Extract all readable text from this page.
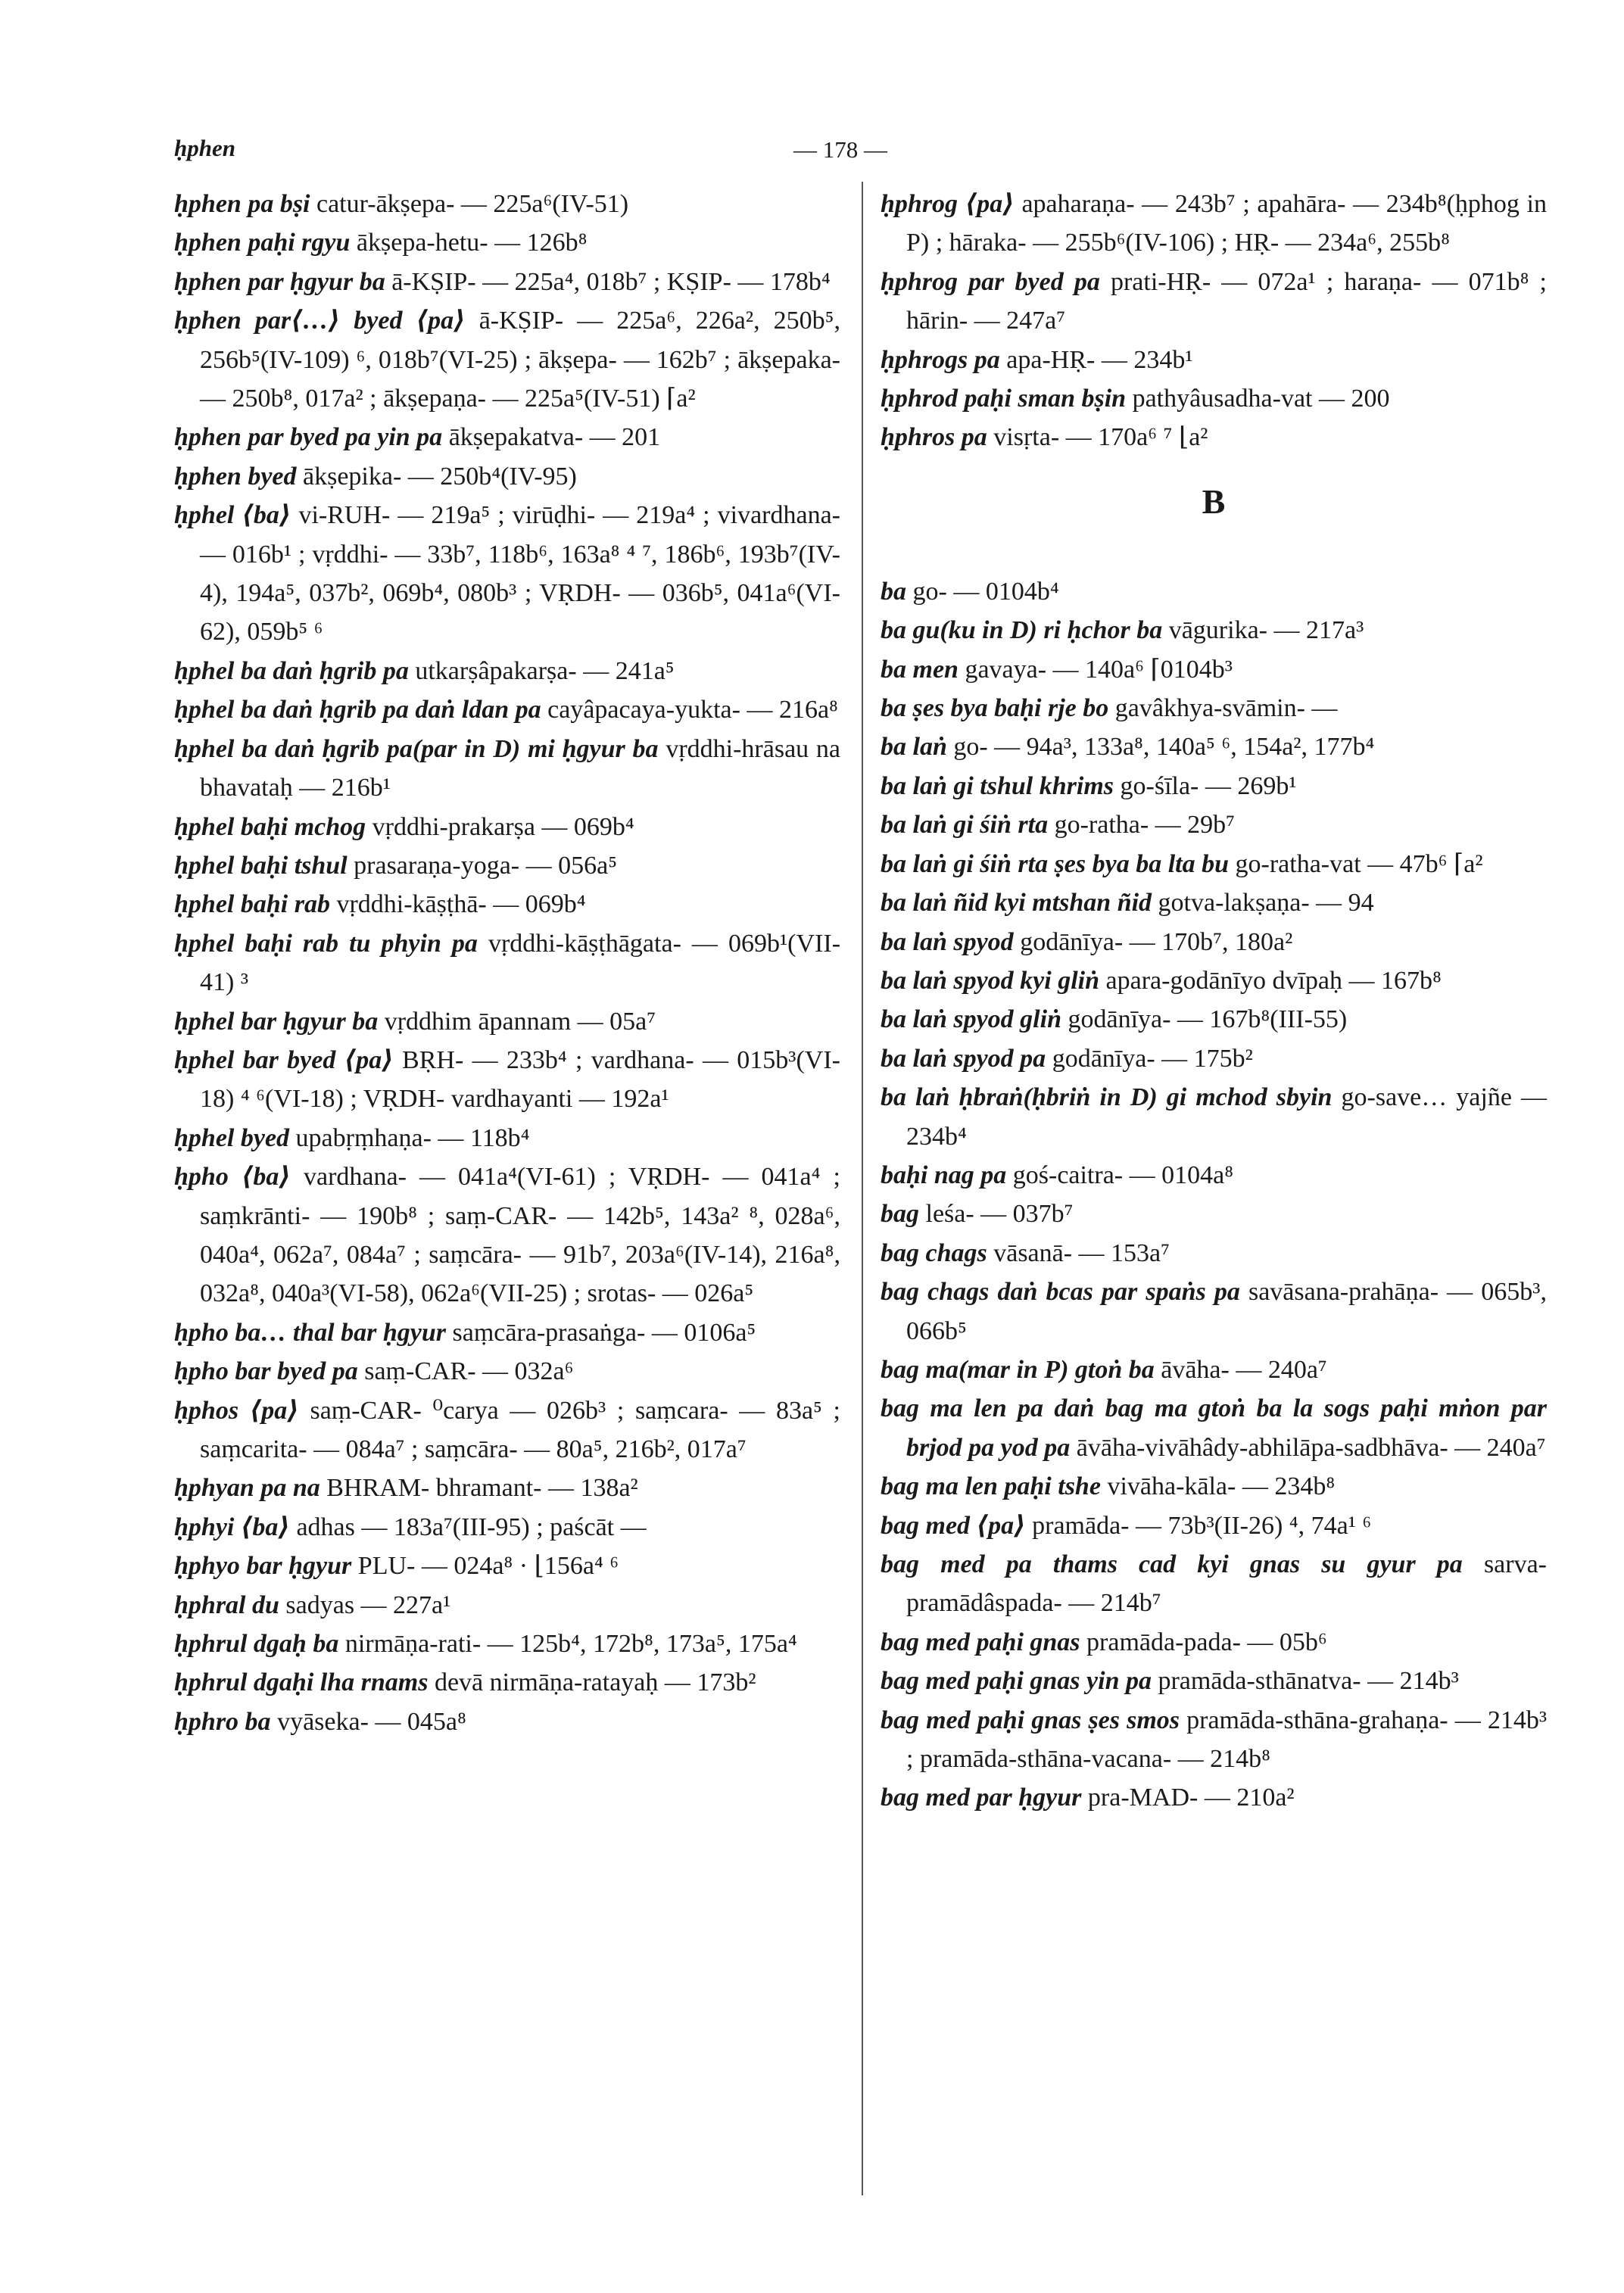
ḥphen	— 178 —
ḥphen pa bṣi catur-ākṣepa- — 225a⁶(IV-51)
ḥphen paḥi rgyu ākṣepa-hetu- — 126b⁸
ḥphen par ḥgyur ba ā-KṢIP- — 225a⁴, 018b⁷ ; KṢIP- — 178b⁴
ḥphen par⟨…⟩ byed ⟨pa⟩ ā-KṢIP- — 225a⁶, 226a², 250b⁵, 256b⁵(IV-109) ⁶, 018b⁷(VI-25) ; ākṣepa- — 162b⁷ ; ākṣepaka- — 250b⁸, 017a² ; ākṣepaṇa- — 225a⁵(IV-51) ⌈a²
ḥphen par byed pa yin pa ākṣepakatva- — 201
ḥphen byed ākṣepika- — 250b⁴(IV-95)
ḥphel ⟨ba⟩ vi-RUH- — 219a⁵ ; virūḍhi- — 219a⁴ ; vivardhana- — 016b¹ ; vṛddhi- — 33b⁷, 118b⁶, 163a⁸ ⁴ ⁷, 186b⁶, 193b⁷(IV-4), 194a⁵, 037b², 069b⁴, 080b³ ; VṚDH- — 036b⁵, 041a⁶(VI-62), 059b⁵ ⁶
ḥphel ba daṅ ḥgrib pa utkarṣâpakarṣa- — 241a⁵
ḥphel ba daṅ ḥgrib pa daṅ ldan pa cayâpacaya-yukta- — 216a⁸
ḥphel ba daṅ ḥgrib pa(par in D) mi ḥgyur ba vṛddhi-hrāsau na bhavataḥ — 216b¹
ḥphel baḥi mchog vṛddhi-prakarṣa — 069b⁴
ḥphel baḥi tshul prasaraṇa-yoga- — 056a⁵
ḥphel baḥi rab vṛddhi-kāṣṭhā- — 069b⁴
ḥphel baḥi rab tu phyin pa vṛddhi-kāṣṭhāgata- — 069b¹(VII-41) ³
ḥphel bar ḥgyur ba vṛddhim āpannam — 05a⁷
ḥphel bar byed ⟨pa⟩ BṚH- — 233b⁴ ; vardhana- — 015b³(VI-18) ⁴ ⁶(VI-18) ; VṚDH- vardhayanti — 192a¹
ḥphel byed upabṛṃhaṇa- — 118b⁴
ḥpho ⟨ba⟩ vardhana- — 041a⁴(VI-61) ; VṚDH- — 041a⁴ ; saṃkrānti- — 190b⁸ ; saṃ-CAR- — 142b⁵, 143a² ⁸, 028a⁶, 040a⁴, 062a⁷, 084a⁷ ; saṃcāra- — 91b⁷, 203a⁶(IV-14), 216a⁸, 032a⁸, 040a³(VI-58), 062a⁶(VII-25) ; srotas- — 026a⁵
ḥpho ba… thal bar ḥgyur saṃcāra-prasaṅga- — 0106a⁵
ḥpho bar byed pa saṃ-CAR- — 032a⁶
ḥphos ⟨pa⟩ saṃ-CAR- ⁰carya — 026b³ ; saṃcara- — 83a⁵ ; saṃcarita- — 084a⁷ ; saṃcāra- — 80a⁵, 216b², 017a⁷
ḥphyan pa na BHRAM- bhramant- — 138a²
ḥphyi ⟨ba⟩ adhas — 183a⁷(III-95) ; paścāt —
ḥphyo bar ḥgyur PLU- — 024a⁸ · ⌊156a⁴ ⁶
ḥphral du sadyas — 227a¹
ḥphrul dgaḥ ba nirmāṇa-rati- — 125b⁴, 172b⁸, 173a⁵, 175a⁴
ḥphrul dgaḥi lha rnams devā nirmāṇa-ratayaḥ — 173b²
ḥphro ba vyāseka- — 045a⁸
ḥphrog ⟨pa⟩ apaharaṇa- — 243b⁷ ; apahāra- — 234b⁸(ḥphog in P) ; hāraka- — 255b⁶(IV-106) ; HṚ- — 234a⁶, 255b⁸
ḥphrog par byed pa prati-HṚ- — 072a¹ ; haraṇa- — 071b⁸ ; hārin- — 247a⁷
ḥphrogs pa apa-HṚ- — 234b¹
ḥphrod paḥi sman bṣin pathyâusadha-vat — 200
ḥphros pa visṛta- — 170a⁶ ⁷ ⌊a²
B
ba go- — 0104b⁴
ba gu(ku in D) ri ḥchor ba vāgurika- — 217a³
ba men gavaya- — 140a⁶ ⌈0104b³
ba ṣes bya baḥi rje bo gavâkhya-svāmin- —
ba laṅ go- — 94a³, 133a⁸, 140a⁵ ⁶, 154a², 177b⁴
ba laṅ gi tshul khrims go-śīla- — 269b¹
ba laṅ gi śiṅ rta go-ratha- — 29b⁷
ba laṅ gi śiṅ rta ṣes bya ba lta bu go-ratha-vat — 47b⁶ ⌈a²
ba laṅ ñid kyi mtshan ñid gotva-lakṣaṇa- — 94
ba laṅ spyod godānīya- — 170b⁷, 180a²
ba laṅ spyod kyi gliṅ apara-godānīyo dvīpaḥ — 167b⁸
ba laṅ spyod gliṅ godānīya- — 167b⁸(III-55)
ba laṅ spyod pa godānīya- — 175b²
ba laṅ ḥbraṅ(ḥbriṅ in D) gi mchod sbyin go-save… yajñe — 234b⁴
baḥi nag pa goś-caitra- — 0104a⁸
bag leśa- — 037b⁷
bag chags vāsanā- — 153a⁷
bag chags daṅ bcas par spaṅs pa savāsana-prahāṇa- — 065b³, 066b⁵
bag ma(mar in P) gtoṅ ba āvāha- — 240a⁷
bag ma len pa daṅ bag ma gtoṅ ba la sogs paḥi mṅon par brjod pa yod pa āvāha-vivāhâdy-abhilāpa-sadbhāva- — 240a⁷
bag ma len paḥi tshe vivāha-kāla- — 234b⁸
bag med ⟨pa⟩ pramāda- — 73b³(II-26) ⁴, 74a¹ ⁶
bag med pa thams cad kyi gnas su gyur pa sarva-pramādâspada- — 214b⁷
bag med paḥi gnas pramāda-pada- — 05b⁶
bag med paḥi gnas yin pa pramāda-sthānatva- — 214b³
bag med paḥi gnas ṣes smos pramāda-sthāna-grahaṇa- — 214b³ ; pramāda-sthāna-vacana- — 214b⁸
bag med par ḥgyur pra-MAD- — 210a²
